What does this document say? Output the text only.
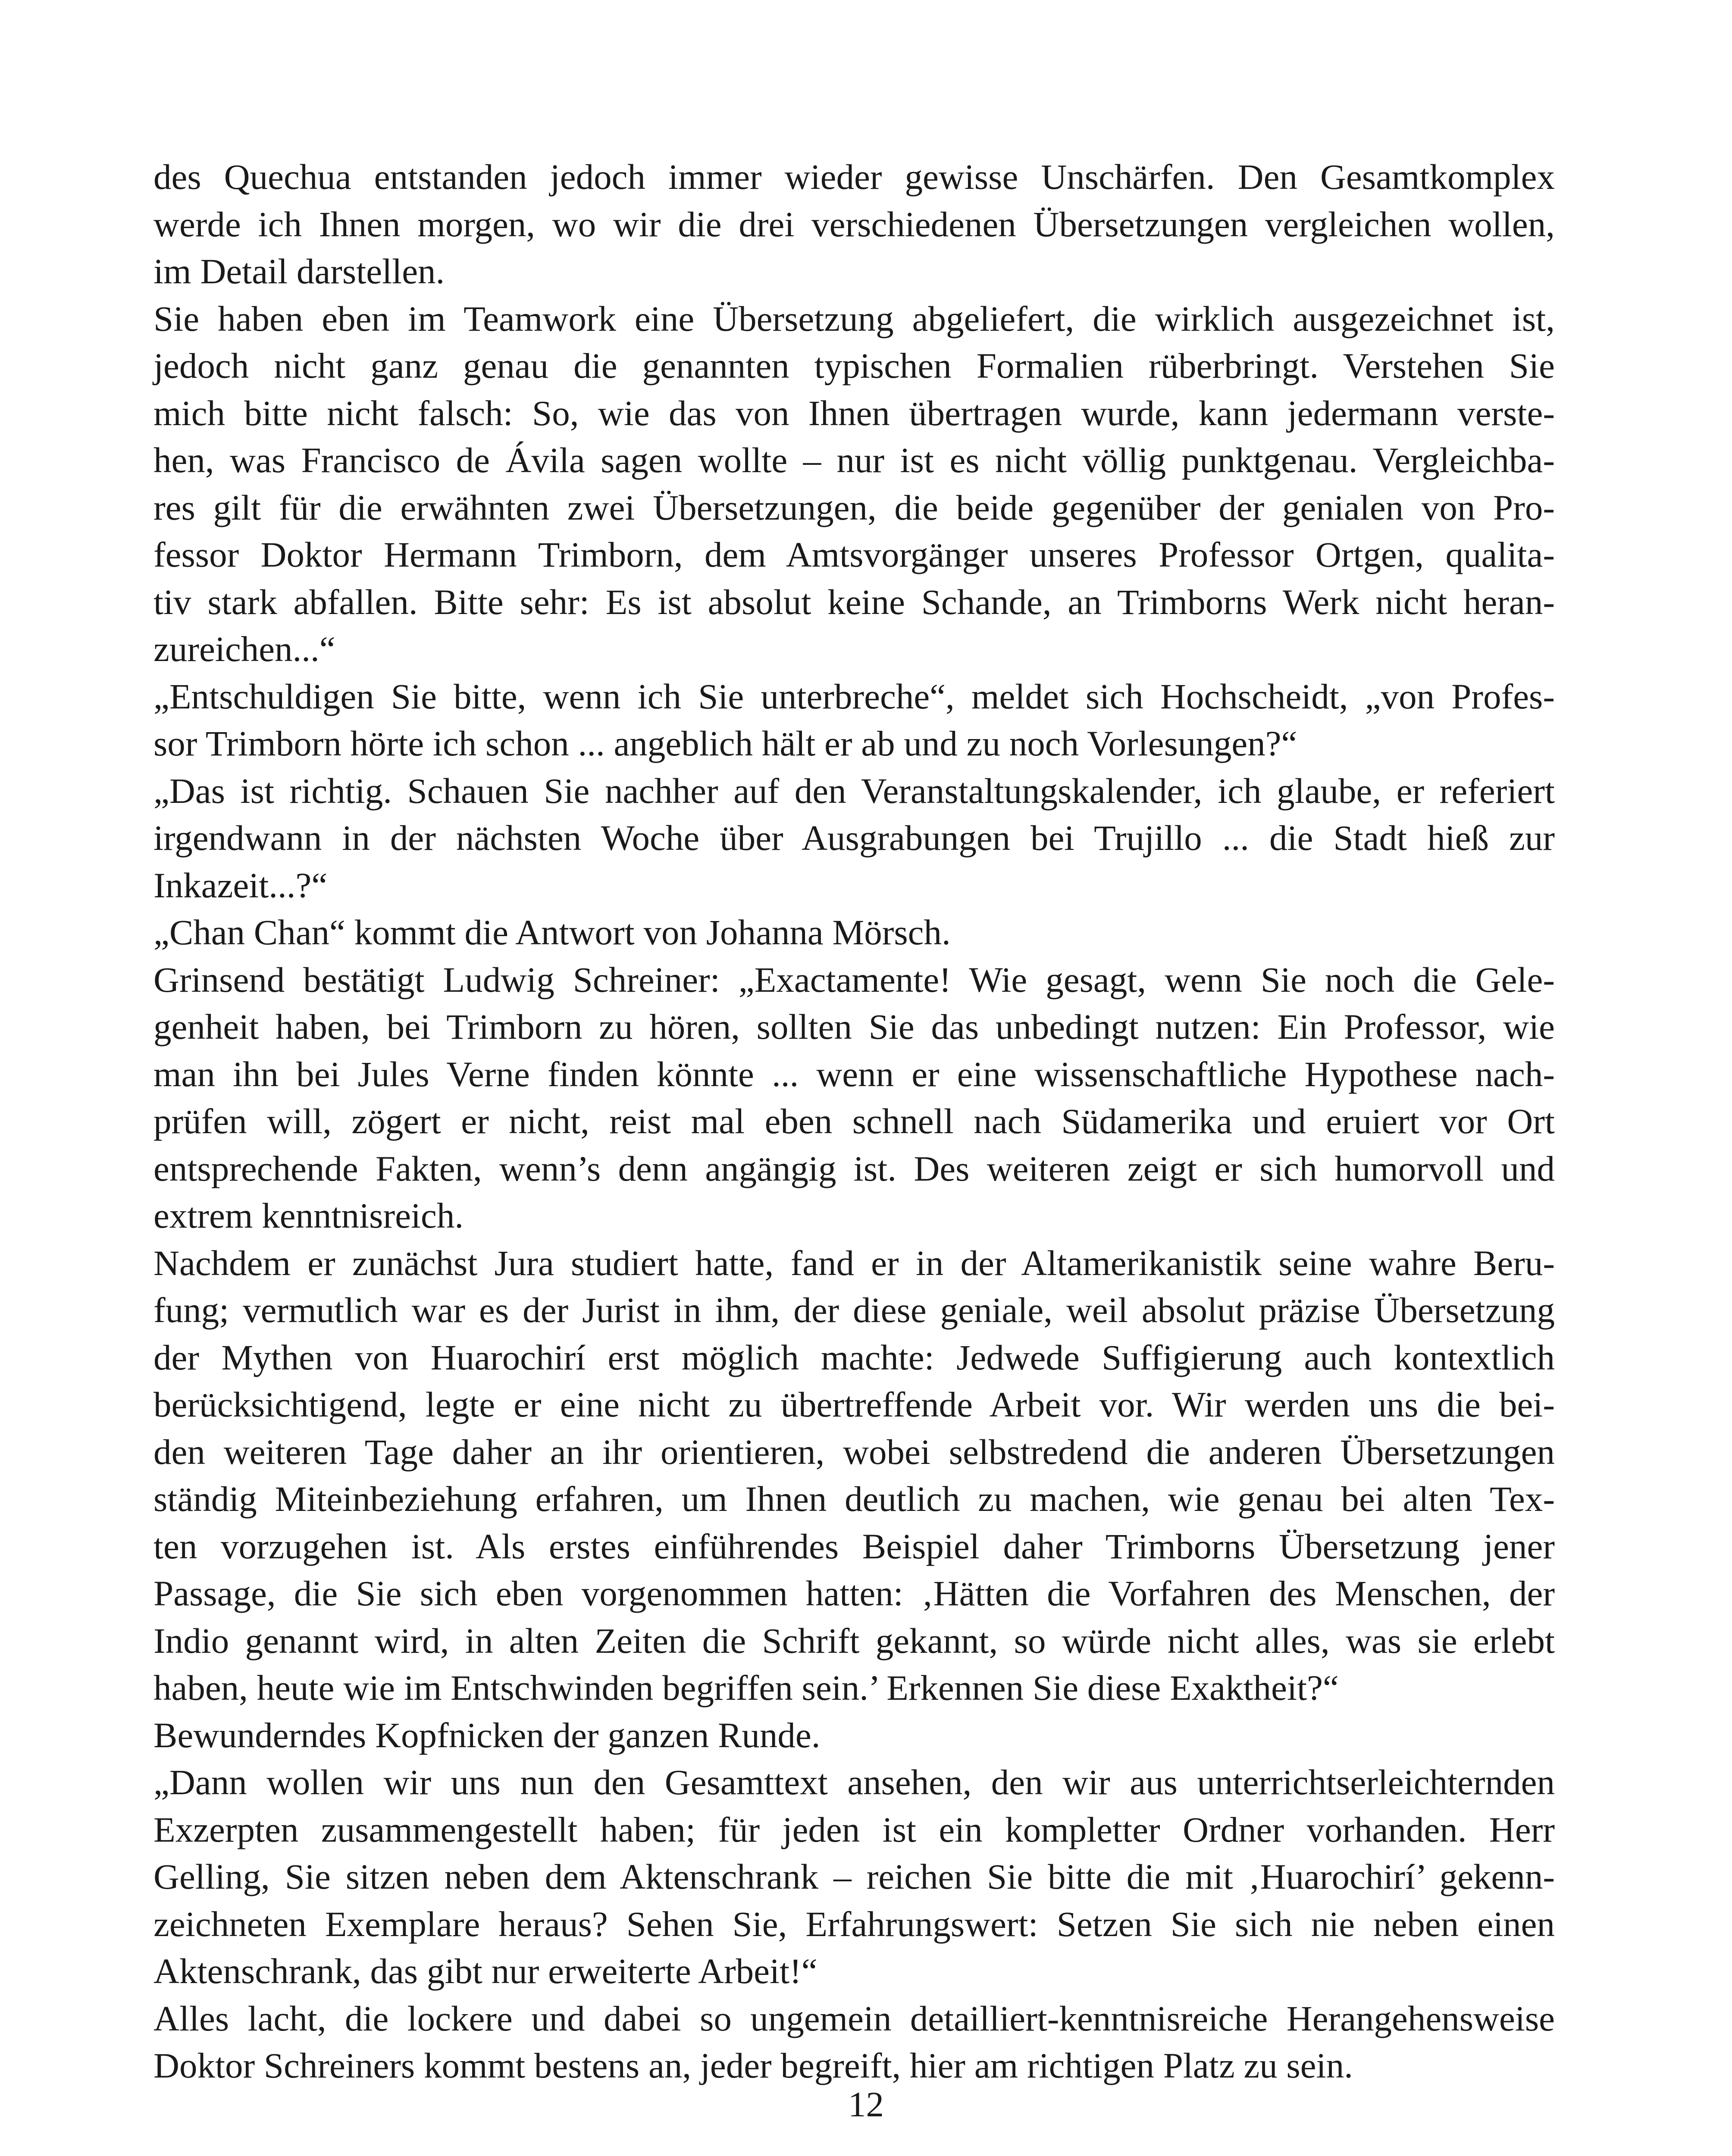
des Quechua entstanden jedoch immer wieder gewisse Unschärfen. Den Gesamtkomplex
werde ich Ihnen morgen, wo wir die drei verschiedenen Übersetzungen vergleichen wollen,
im Detail darstellen.
Sie haben eben im Teamwork eine Übersetzung abgeliefert, die wirklich ausgezeichnet ist,
jedoch nicht ganz genau die genannten typischen Formalien rüberbringt. Verstehen Sie
mich bitte nicht falsch: So, wie das von Ihnen übertragen wurde, kann jedermann verste-
hen, was Francisco de Ávila sagen wollte – nur ist es nicht völlig punktgenau. Vergleichba-
res gilt für die erwähnten zwei Übersetzungen, die beide gegenüber der genialen von Pro-
fessor Doktor Hermann Trimborn, dem Amtsvorgänger unseres Professor Ortgen, qualita-
tiv stark abfallen. Bitte sehr: Es ist absolut keine Schande, an Trimborns Werk nicht heran-
zureichen...“
„Entschuldigen Sie bitte, wenn ich Sie unterbreche“, meldet sich Hochscheidt, „von Profes-
sor Trimborn hörte ich schon ... angeblich hält er ab und zu noch Vorlesungen?“
„Das ist richtig. Schauen Sie nachher auf den Veranstaltungskalender, ich glaube, er referiert
irgendwann in der nächsten Woche über Ausgrabungen bei Trujillo ... die Stadt hieß zur
Inkazeit...?“
„Chan Chan“ kommt die Antwort von Johanna Mörsch.
Grinsend bestätigt Ludwig Schreiner: „Exactamente! Wie gesagt, wenn Sie noch die Gele-
genheit haben, bei Trimborn zu hören, sollten Sie das unbedingt nutzen: Ein Professor, wie
man ihn bei Jules Verne finden könnte ... wenn er eine wissenschaftliche Hypothese nach-
prüfen will, zögert er nicht, reist mal eben schnell nach Südamerika und eruiert vor Ort
entsprechende Fakten, wenn’s denn angängig ist. Des weiteren zeigt er sich humorvoll und
extrem kenntnisreich.
Nachdem er zunächst Jura studiert hatte, fand er in der Altamerikanistik seine wahre Beru-
fung; vermutlich war es der Jurist in ihm, der diese geniale, weil absolut präzise Übersetzung
der Mythen von Huarochirí erst möglich machte: Jedwede Suffigierung auch kontextlich
berücksichtigend, legte er eine nicht zu übertreffende Arbeit vor. Wir werden uns die bei-
den weiteren Tage daher an ihr orientieren, wobei selbstredend die anderen Übersetzungen
ständig Miteinbeziehung erfahren, um Ihnen deutlich zu machen, wie genau bei alten Tex-
ten vorzugehen ist. Als erstes einführendes Beispiel daher Trimborns Übersetzung jener
Passage, die Sie sich eben vorgenommen hatten: ‚Hätten die Vorfahren des Menschen, der
Indio genannt wird, in alten Zeiten die Schrift gekannt, so würde nicht alles, was sie erlebt
haben, heute wie im Entschwinden begriffen sein.’ Erkennen Sie diese Exaktheit?“
Bewunderndes Kopfnicken der ganzen Runde.
„Dann wollen wir uns nun den Gesamttext ansehen, den wir aus unterrichtserleichternden
Exzerpten zusammengestellt haben; für jeden ist ein kompletter Ordner vorhanden. Herr
Gelling, Sie sitzen neben dem Aktenschrank – reichen Sie bitte die mit ‚Huarochirí’ gekenn-
zeichneten Exemplare heraus? Sehen Sie, Erfahrungswert: Setzen Sie sich nie neben einen
Aktenschrank, das gibt nur erweiterte Arbeit!“
Alles lacht, die lockere und dabei so ungemein detailliert-kenntnisreiche Herangehensweise
Doktor Schreiners kommt bestens an, jeder begreift, hier am richtigen Platz zu sein.
12
